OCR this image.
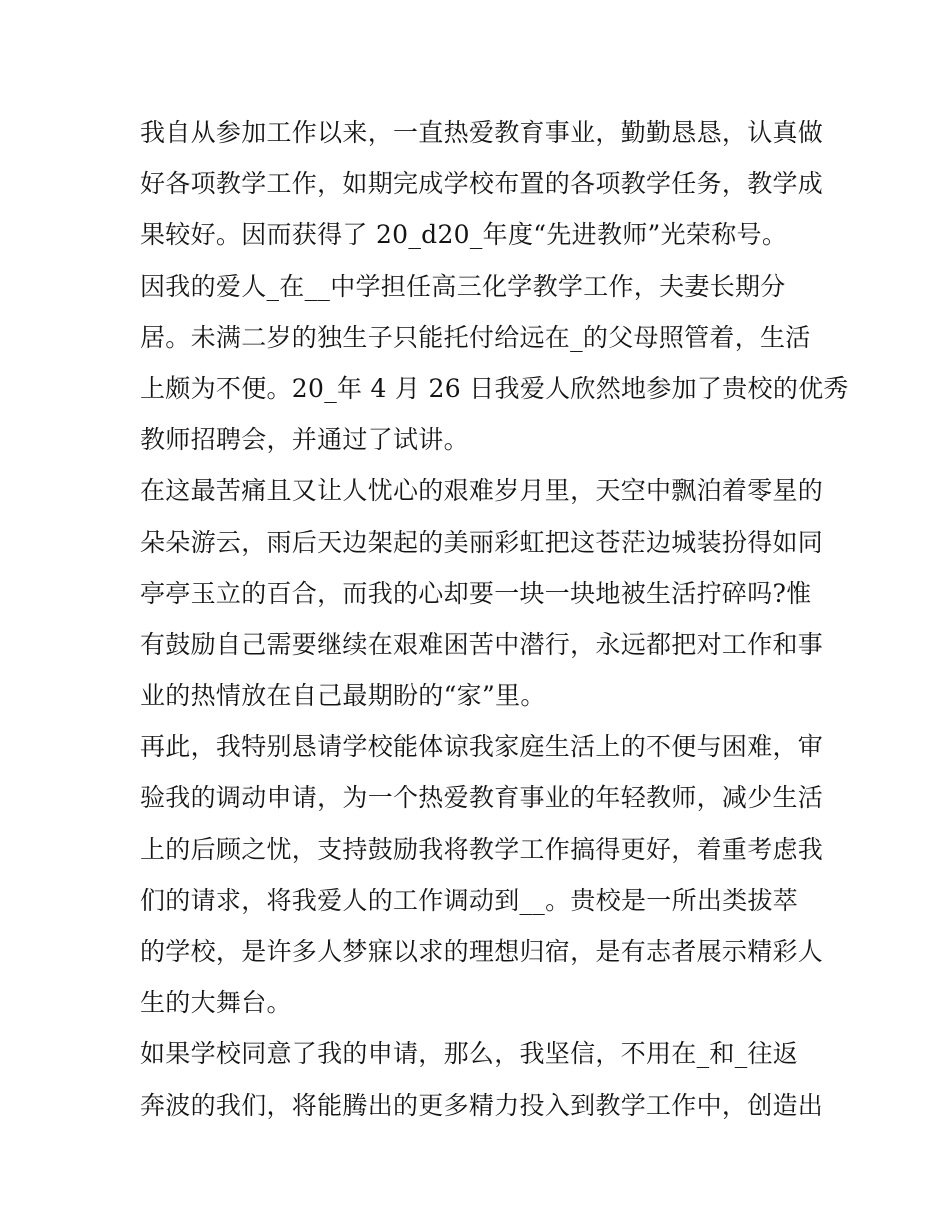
我自从参加工作以来，一直热爱教育事业，勤勤恳恳，认真做
好各项教学工作，如期完成学校布置的各项教学任务，教学成
果较好。因而获得了 20_d20_年度“先进教师”光荣称号。
因我的爱人_在__中学担任高三化学教学工作，夫妻长期分
居。未满二岁的独生子只能托付给远在_的父母照管着，生活
上颇为不便。20_年 4 月 26 日我爱人欣然地参加了贵校的优秀
教师招聘会，并通过了试讲。
在这最苦痛且又让人忧心的艰难岁月里，天空中飘泊着零星的
朵朵游云，雨后天边架起的美丽彩虹把这苍茫边城装扮得如同
亭亭玉立的百合，而我的心却要一块一块地被生活拧碎吗?惟
有鼓励自己需要继续在艰难困苦中潜行，永远都把对工作和事
业的热情放在自己最期盼的“家”里。
再此，我特别恳请学校能体谅我家庭生活上的不便与困难，审
验我的调动申请，为一个热爱教育事业的年轻教师，减少生活
上的后顾之忧，支持鼓励我将教学工作搞得更好，着重考虑我
们的请求，将我爱人的工作调动到__。贵校是一所出类拔萃
的学校，是许多人梦寐以求的理想归宿，是有志者展示精彩人
生的大舞台。
如果学校同意了我的申请，那么，我坚信，不用在_和_往返
奔波的我们，将能腾出的更多精力投入到教学工作中，创造出
